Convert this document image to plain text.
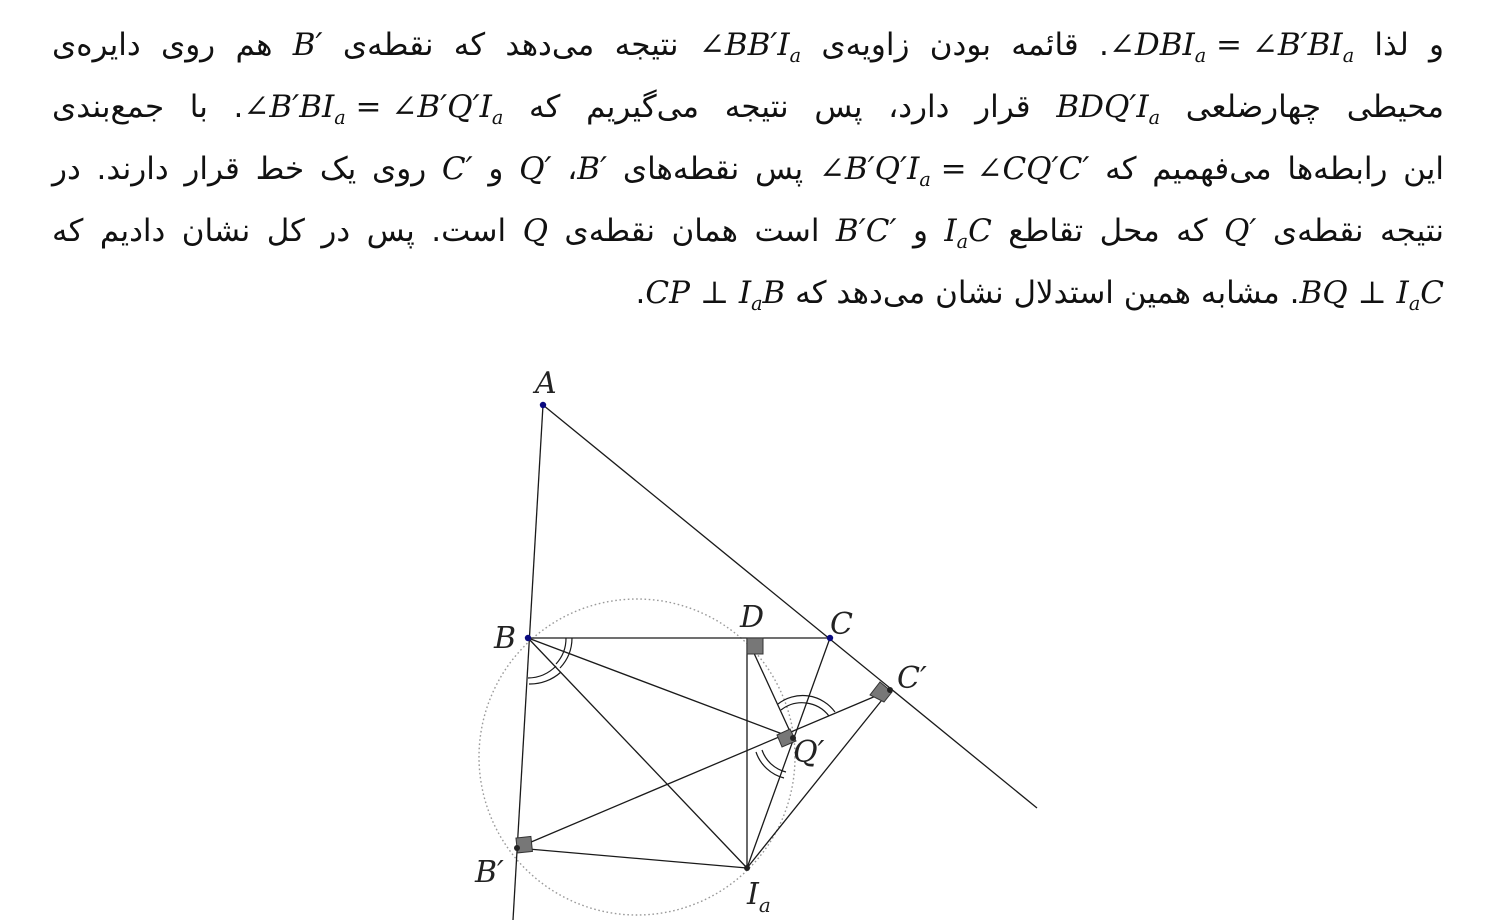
و لذا $\angle DBI_a$ = $\angle B'BI_a$. قائمه بودن زاویه‌ی $\angle BB'I_a$ نتیجه می‌دهد که نقطه‌ی B′ هم روی دایره‌ی
محیطی چهارضلعی $BDQ'I_a$ قرار دارد، پس نتیجه می‌گیریم که $\angle B'BI_a$ = $\angle B'Q'I_a$. با جمع‌بندی
این رابطه‌ها می‌فهمیم که $\angle B'Q'I_a$ = ∠CQ′C′ پس نقطه‌های B′، Q′ و C′ روی یک خط قرار دارند. در
نتیجه نقطه‌ی Q′ که محل تقاطع $I_aC$ و B′C′ است همان نقطه‌ی Q است. پس در کل نشان دادیم که
BQ ⊥ $I_aC$. مشابه همین استدلال نشان می‌دهد که CP ⊥ $I_aB$.
A
B
D C
C′
Q′
B′
$I_a$
